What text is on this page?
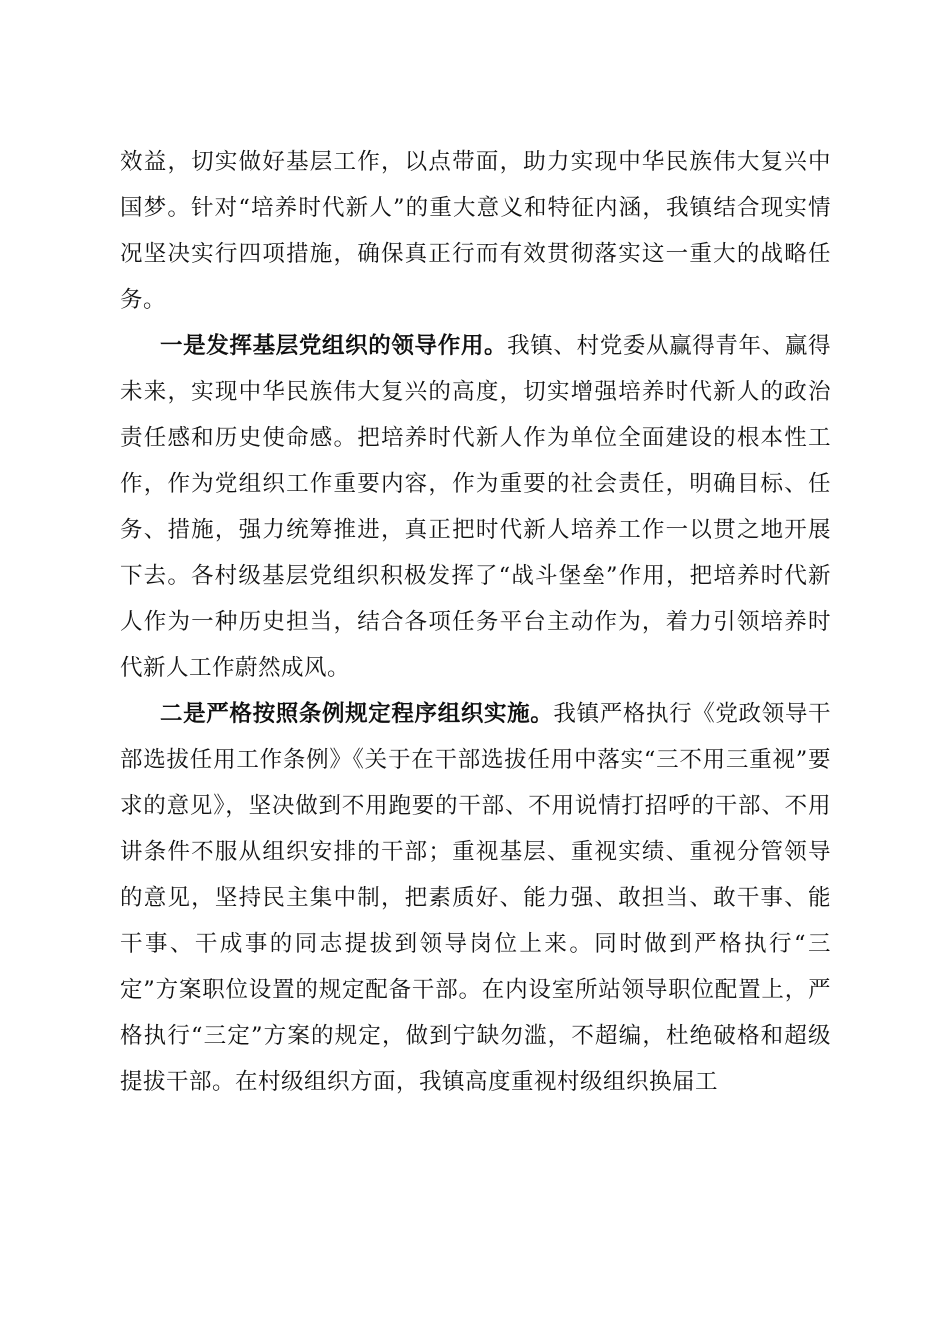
效益，切实做好基层工作，以点带面，助力实现中华民族伟大复兴中国梦。针对“培养时代新人”的重大意义和特征内涵，我镇结合现实情况坚决实行四项措施，确保真正行而有效贯彻落实这一重大的战略任务。

一是发挥基层党组织的领导作用。我镇、村党委从赢得青年、赢得未来，实现中华民族伟大复兴的高度，切实增强培养时代新人的政治责任感和历史使命感。把培养时代新人作为单位全面建设的根本性工作，作为党组织工作重要内容，作为重要的社会责任，明确目标、任务、措施，强力统筹推进，真正把时代新人培养工作一以贯之地开展下去。各村级基层党组织积极发挥了“战斗堡垒”作用，把培养时代新人作为一种历史担当，结合各项任务平台主动作为，着力引领培养时代新人工作蔚然成风。

二是严格按照条例规定程序组织实施。我镇严格执行《党政领导干部选拔任用工作条例》《关于在干部选拔任用中落实“三不用三重视”要求的意见》，坚决做到不用跑要的干部、不用说情打招呼的干部、不用讲条件不服从组织安排的干部；重视基层、重视实绩、重视分管领导的意见，坚持民主集中制，把素质好、能力强、敢担当、敢干事、能干事、干成事的同志提拔到领导岗位上来。同时做到严格执行“三定”方案职位设置的规定配备干部。在内设室所站领导职位配置上，严格执行“三定”方案的规定，做到宁缺勿滥，不超编，杜绝破格和超级提拔干部。在村级组织方面，我镇高度重视村级组织换届工
